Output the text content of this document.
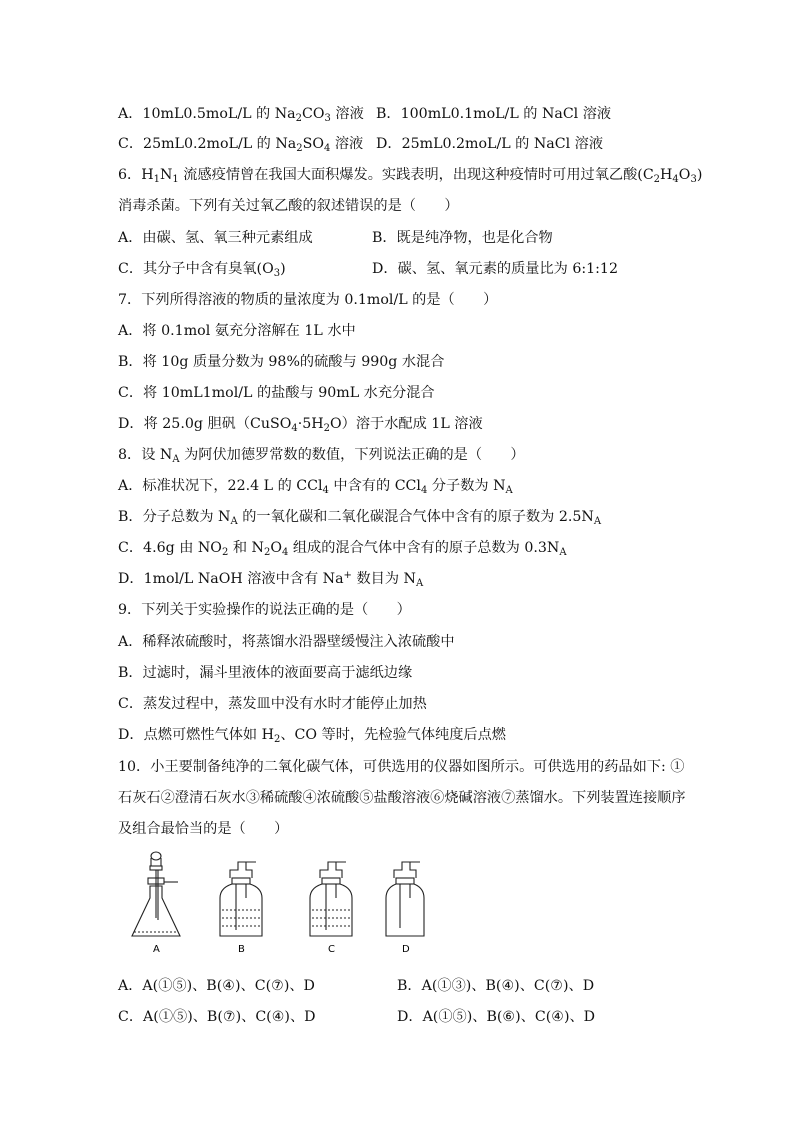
A．10mL0.5moL/L 的 $Na_2CO_3$ 溶液 B．100mL0.1moL/L 的 NaCl 溶液
C．25mL0.2moL/L 的 $Na_2SO_4$ 溶液 D．25mL0.2moL/L 的 NaCl 溶液
6．$H_1N_1$ 流感疫情曾在我国大面积爆发。实践表明，出现这种疫情时可用过氧乙酸$(C_2H_4O_3)$
消毒杀菌。下列有关过氧乙酸的叙述错误的是（　　）
A．由碳、氢、氧三种元素组成	B．既是纯净物，也是化合物
C．其分子中含有臭氧$(O_3)$	D．碳、氢、氧元素的质量比为 6:1:12
7．下列所得溶液的物质的量浓度为 0.1mol/L 的是（　　）
A．将 0.1mol 氨充分溶解在 1L 水中
B．将 10g 质量分数为 98%的硫酸与 990g 水混合
C．将 10mL1mol/L 的盐酸与 90mL 水充分混合
D．将 25.0g 胆矾$(CuSO_4\cdot 5H_2O)$溶于水配成 1L 溶液
8．设 $N_A$ 为阿伏加德罗常数的数值，下列说法正确的是（　　）
A．标准状况下，22.4 L 的 CCl$_4$ 中含有的 CCl$_4$ 分子数为 $N_A$
B．分子总数为 $N_A$ 的一氧化碳和二氧化碳混合气体中含有的原子数为 $2.5N_A$
C．4.6g 由 $NO_2$ 和 $N_2O_4$ 组成的混合气体中含有的原子总数为 $0.3N_A$
D．1mol/L NaOH 溶液中含有 Na+ 数目为 $N_A$
9．下列关于实验操作的说法正确的是（　　）
A．稀释浓硫酸时，将蒸馏水沿器壁缓慢注入浓硫酸中
B．过滤时，漏斗里液体的液面要高于滤纸边缘
C．蒸发过程中，蒸发皿中没有水时才能停止加热
D．点燃可燃性气体如 $H_2$、CO 等时，先检验气体纯度后点燃
10．小王要制备纯净的二氧化碳气体，可供选用的仪器如图所示。可供选用的药品如下: ①
石灰石②澄清石灰水③稀硫酸④浓硫酸⑤盐酸溶液⑥烧碱溶液⑦蒸馏水。下列装置连接顺序
及组合最恰当的是（　　）
A	B	C	D
A．A(①⑤)、B(④)、C(⑦)、D	B．A(①③)、B(④)、C(⑦)、D
C．A(①⑤)、B(⑦)、C(④)、D	D．A(①⑤)、B(⑥)、C(④)、D
